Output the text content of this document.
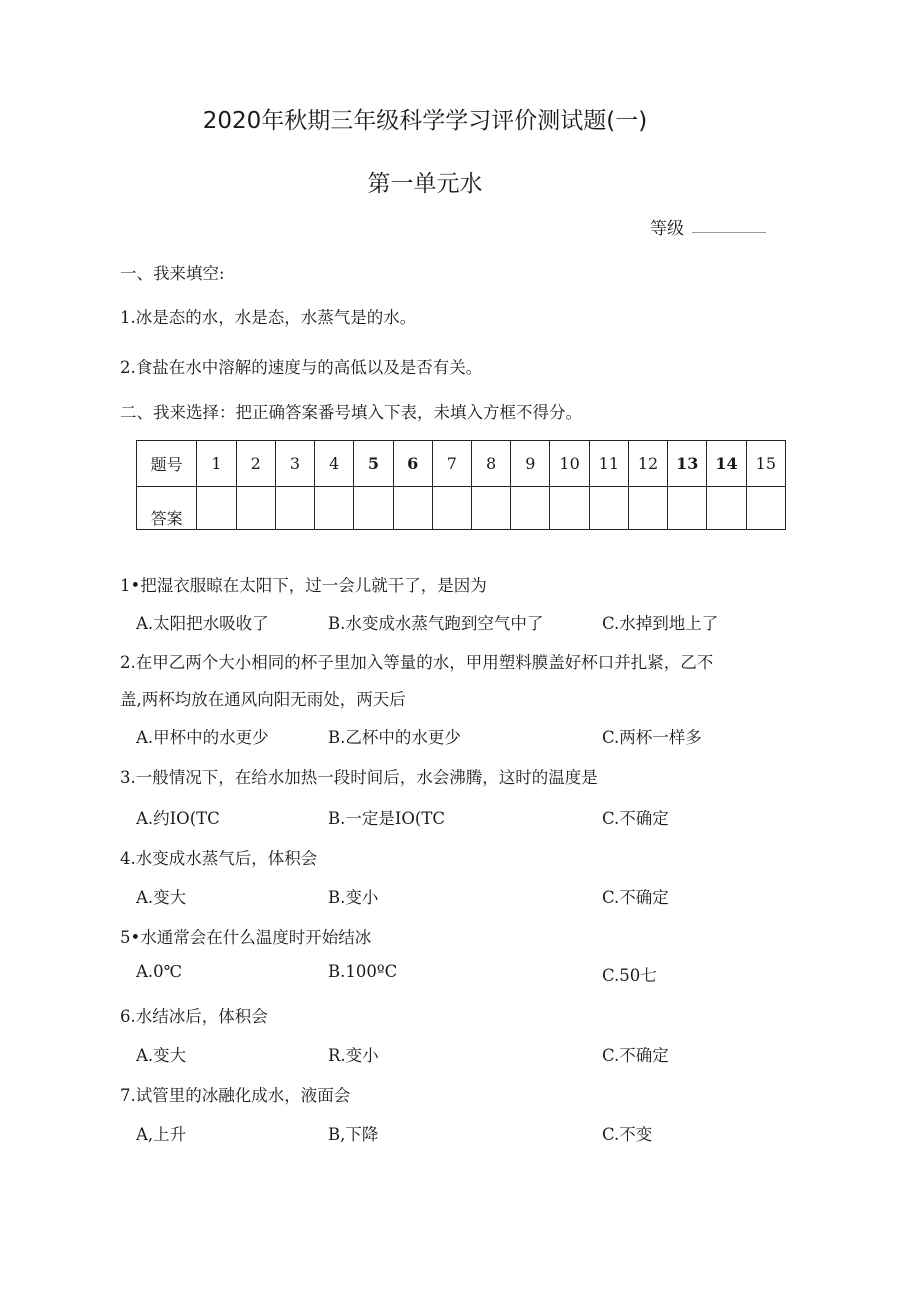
2020年秋期三年级科学学习评价测试题(一)
第一单元水
等级
一、我来填空:
1.冰是态的水，水是态，水蒸气是的水。
2.食盐在水中溶解的速度与的高低以及是否有关。
二、我来选择：把正确答案番号填入下表，未填入方框不得分。
题号	1	2	3	4	5	6	7	8	9	10	11	12	13	14	15
答案															
1•把湿衣服晾在太阳下，过一会儿就干了，是因为
A.太阳把水吸收了	B.水变成水蒸气跑到空气中了	C.水掉到地上了
2.在甲乙两个大小相同的杯子里加入等量的水，甲用塑料膜盖好杯口并扎紧，乙不
盖,两杯均放在通风向阳无雨处，两天后
A.甲杯中的水更少	B.乙杯中的水更少	C.两杯一样多
3.一般情况下，在给水加热一段时间后，水会沸腾，这时的温度是
A.约IO(TC	B.一定是IO(TC	C.不确定
4.水变成水蒸气后，体积会
A.变大	B.变小	C.不确定
5•水通常会在什么温度时开始结冰
A.0℃	B.100ºC	C.50七
6.水结冰后，体积会
A.变大	R.变小	C.不确定
7.试管里的冰融化成水，液面会
A,上升	B,下降	C.不变
